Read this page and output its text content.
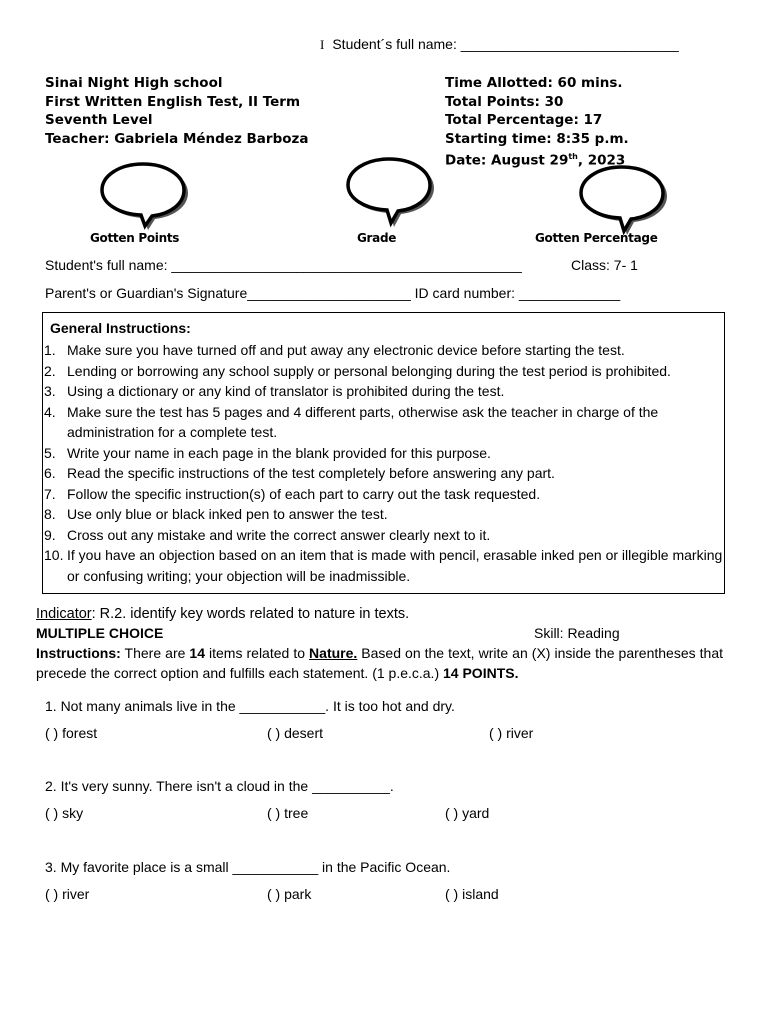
I Student´s full name: ____________________________
Sinai Night High school
First Written English Test, II Term
Seventh Level
Teacher: Gabriela Méndez Barboza
Time Allotted: 60 mins.
Total Points: 30
Total Percentage: 17
Starting time: 8:35 p.m.
Date: August 29th, 2023
Gotten Points	Grade	Gotten Percentage
Student's full name: _____________________________________________	Class: 7- 1
Parent's or Guardian's Signature_____________________ ID card number: _____________
General Instructions:
1. Make sure you have turned off and put away any electronic device before starting the test.
2. Lending or borrowing any school supply or personal belonging during the test period is prohibited.
3. Using a dictionary or any kind of translator is prohibited during the test.
4. Make sure the test has 5 pages and 4 different parts, otherwise ask the teacher in charge of the administration for a complete test.
5. Write your name in each page in the blank provided for this purpose.
6. Read the specific instructions of the test completely before answering any part.
7. Follow the specific instruction(s) of each part to carry out the task requested.
8. Use only blue or black inked pen to answer the test.
9. Cross out any mistake and write the correct answer clearly next to it.
10. If you have an objection based on an item that is made with pencil, erasable inked pen or illegible marking or confusing writing; your objection will be inadmissible.
Indicator: R.2. identify key words related to nature in texts.
MULTIPLE CHOICE	Skill: Reading
Instructions: There are 14 items related to Nature. Based on the text, write an (X) inside the parentheses that precede the correct option and fulfills each statement. (1 p.e.c.a.) 14 POINTS.
1. Not many animals live in the ___________. It is too hot and dry.
( ) forest	( ) desert	( ) river
2. It's very sunny. There isn't a cloud in the __________.
( ) sky	( ) tree	( ) yard
3. My favorite place is a small ___________ in the Pacific Ocean.
( ) river	( ) park	( ) island
